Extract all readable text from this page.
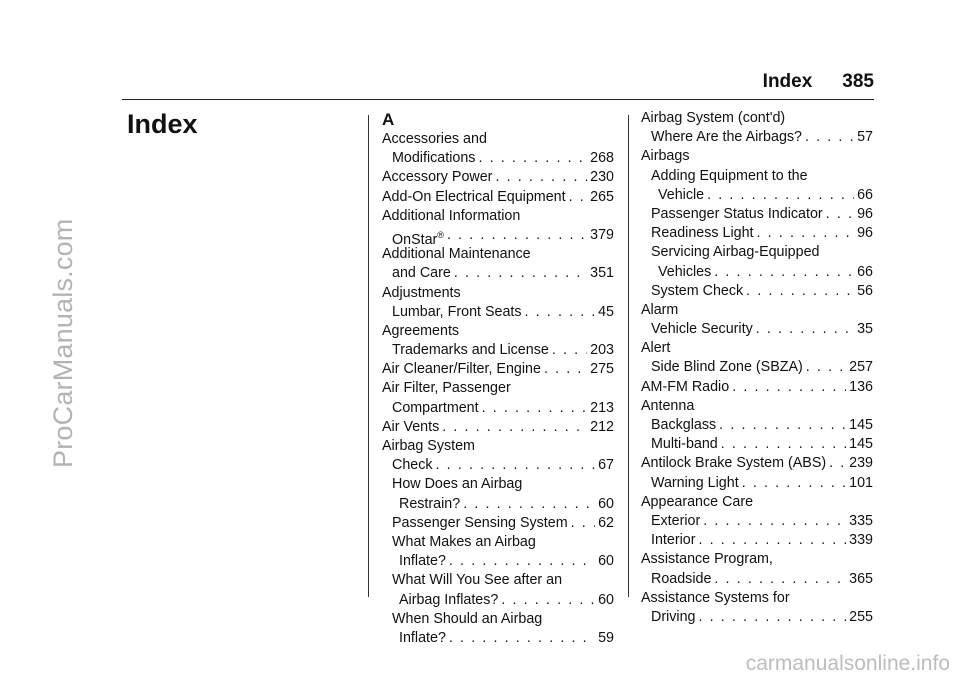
ProCarManuals.com
Index 385
Index	A
Accessories and
Modifications . . .	268
Accessory Power . . .	230
Add-On Electrical Equipment . . . 265
Additional Information
OnStar® . . .	379
Additional Maintenance
and Care . . .	351
Adjustments
Lumbar, Front Seats . . .	45
Agreements
Trademarks and License . . .	203
Air Cleaner/Filter, Engine . . .	275
Air Filter, Passenger
Compartment . . .	213
Air Vents . . .	212
Airbag System
Check . . .	67
How Does an Airbag
Restrain? . . .	60
Passenger Sensing System . . . 62
What Makes an Airbag
Inflate? . . .	60
What Will You See after an
Airbag Inflates? . . .	60
When Should an Airbag
Inflate? . . .	59
Airbag System (cont'd)
Where Are the Airbags? . . .	57
Airbags
Adding Equipment to the
Vehicle . . .	66
Passenger Status Indicator . . . 96
Readiness Light . . .	96
Servicing Airbag-Equipped
Vehicles . . .	66
System Check . . .	56
Alarm
Vehicle Security . . .	35
Alert
Side Blind Zone (SBZA) . . .	257
AM-FM Radio . . .	136
Antenna
Backglass . . .	145
Multi-band . . .	145
Antilock Brake System (ABS) . . . 239
Warning Light . . .	101
Appearance Care
Exterior . . .	335
Interior . . .	339
Assistance Program,
Roadside . . .	365
Assistance Systems for
Driving . . .	255
carmanualsonline.info
